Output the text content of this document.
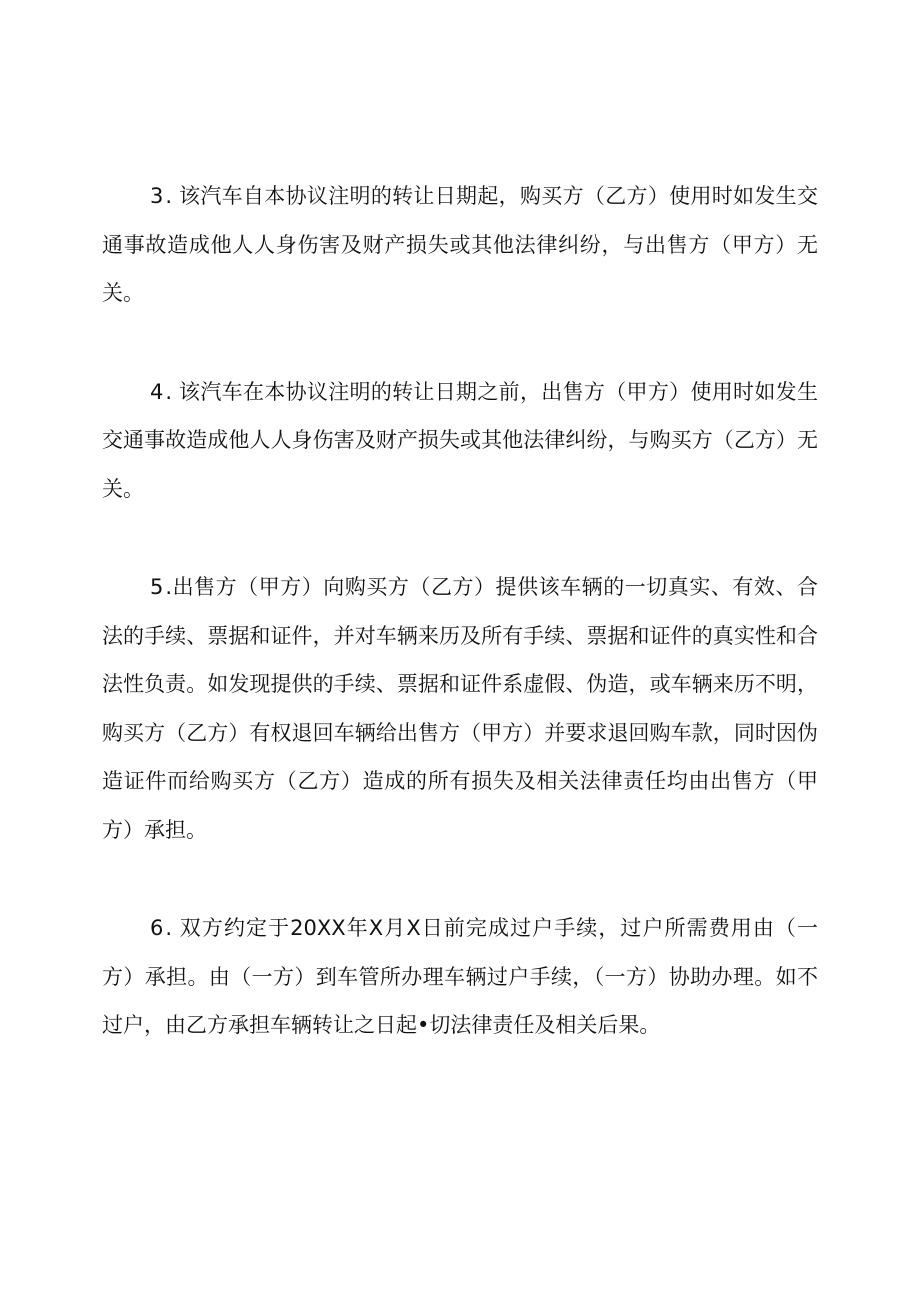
3. 该汽车自本协议注明的转让日期起，购买方（乙方）使用时如发生交通事故造成他人人身伤害及财产损失或其他法律纠纷，与出售方（甲方）无关。

4. 该汽车在本协议注明的转让日期之前，出售方（甲方）使用时如发生交通事故造成他人人身伤害及财产损失或其他法律纠纷，与购买方（乙方）无关。

5.出售方（甲方）向购买方（乙方）提供该车辆的一切真实、有效、合法的手续、票据和证件，并对车辆来历及所有手续、票据和证件的真实性和合法性负责。如发现提供的手续、票据和证件系虚假、伪造，或车辆来历不明，购买方（乙方）有权退回车辆给出售方（甲方）并要求退回购车款，同时因伪造证件而给购买方（乙方）造成的所有损失及相关法律责任均由出售方（甲方）承担。

6. 双方约定于20XX年X月X日前完成过户手续，过户所需费用由（一方）承担。由（一方）到车管所办理车辆过户手续，（一方）协助办理。如不过户，由乙方承担车辆转让之日起•切法律责任及相关后果。
